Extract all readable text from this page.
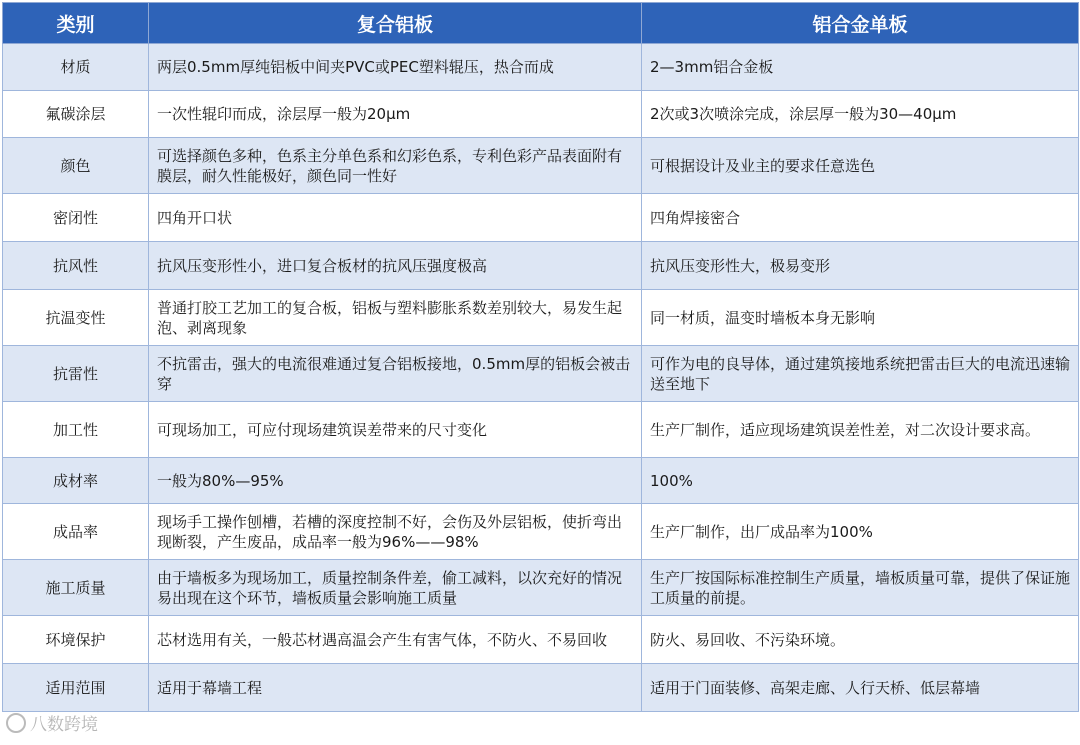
类别	复合铝板	铝合金单板
材质	两层0.5mm厚纯铝板中间夹PVC或PEC塑料辊压，热合而成	2—3mm铝合金板
氟碳涂层	一次性辊印而成，涂层厚一般为20μm	2次或3次喷涂完成，涂层厚一般为30—40μm
颜色	可选择颜色多种，色系主分单色系和幻彩色系，专利色彩产品表面附有膜层，耐久性能极好，颜色同一性好	可根据设计及业主的要求任意选色
密闭性	四角开口状	四角焊接密合
抗风性	抗风压变形性小，进口复合板材的抗风压强度极高	抗风压变形性大，极易变形
抗温变性	普通打胶工艺加工的复合板，铝板与塑料膨胀系数差别较大，易发生起泡、剥离现象	同一材质，温变时墙板本身无影响
抗雷性	不抗雷击，强大的电流很难通过复合铝板接地，0.5mm厚的铝板会被击穿	可作为电的良导体，通过建筑接地系统把雷击巨大的电流迅速输送至地下
加工性	可现场加工，可应付现场建筑误差带来的尺寸变化	生产厂制作，适应现场建筑误差性差，对二次设计要求高。
成材率	一般为80%—95%	100%
成品率	现场手工操作刨槽，若槽的深度控制不好，会伤及外层铝板，使折弯出现断裂，产生废品，成品率一般为96%——98%	生产厂制作，出厂成品率为100%
施工质量	由于墙板多为现场加工，质量控制条件差，偷工减料，以次充好的情况易出现在这个环节，墙板质量会影响施工质量	生产厂按国际标准控制生产质量，墙板质量可靠，提供了保证施工质量的前提。
环境保护	芯材选用有关，一般芯材遇高温会产生有害气体，不防火、不易回收	防火、易回收、不污染环境。
适用范围	适用于幕墙工程	适用于门面装修、高架走廊、人行天桥、低层幕墙
八数跨境
